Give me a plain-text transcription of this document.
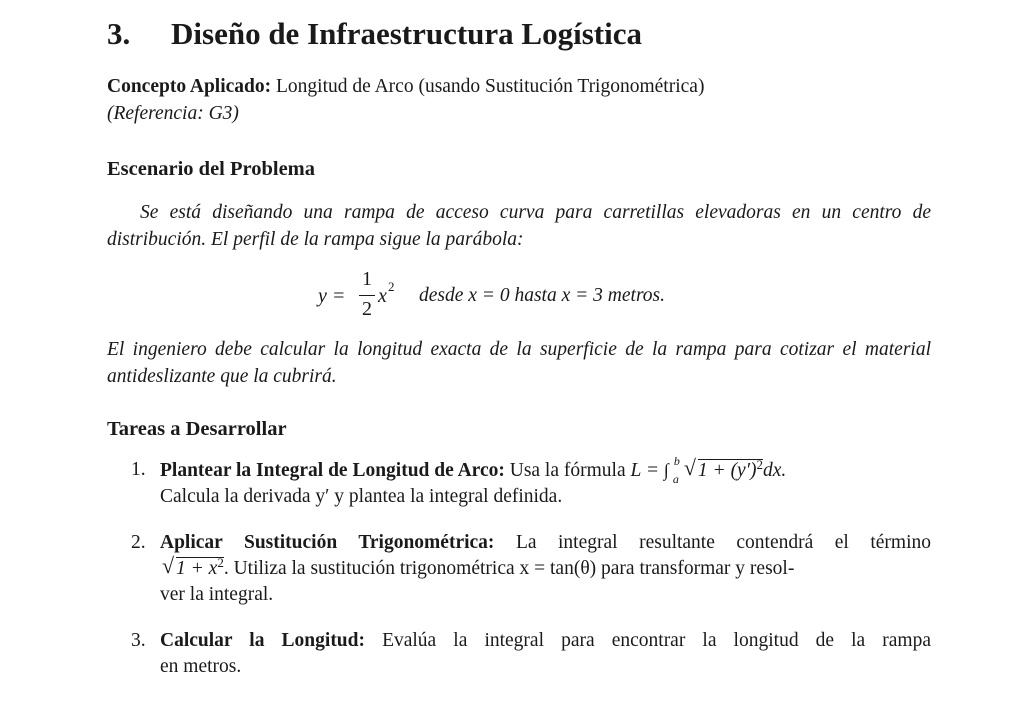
3. Diseño de Infraestructura Logística
Concepto Aplicado: Longitud de Arco (usando Sustitución Trigonométrica)
(Referencia: G3)
Escenario del Problema
Se está diseñando una rampa de acceso curva para carretillas elevadoras en un centro de distribución. El perfil de la rampa sigue la parábola:
y =
1
2
x 2 desde x = 0 hasta x = 3 metros.
El ingeniero debe calcular la longitud exacta de la superficie de la rampa para cotizar el material antideslizante que la cubrirá.
Tareas a Desarrollar
1. Plantear la Integral de Longitud de Arco: Usa la fórmula L = ∫ b
a √ $1 + (y')^2dx$.
Calcula la derivada y′ y plantea la integral definida.
2. Aplicar Sustitución Trigonométrica: La integral resultante contendrá el término
√ $1 + x^2$. Utiliza la sustitución trigonométrica x = tan(θ) para transformar y resol-
ver la integral.
3. Calcular la Longitud: Evalúa la integral para encontrar la longitud de la rampa
en metros.
